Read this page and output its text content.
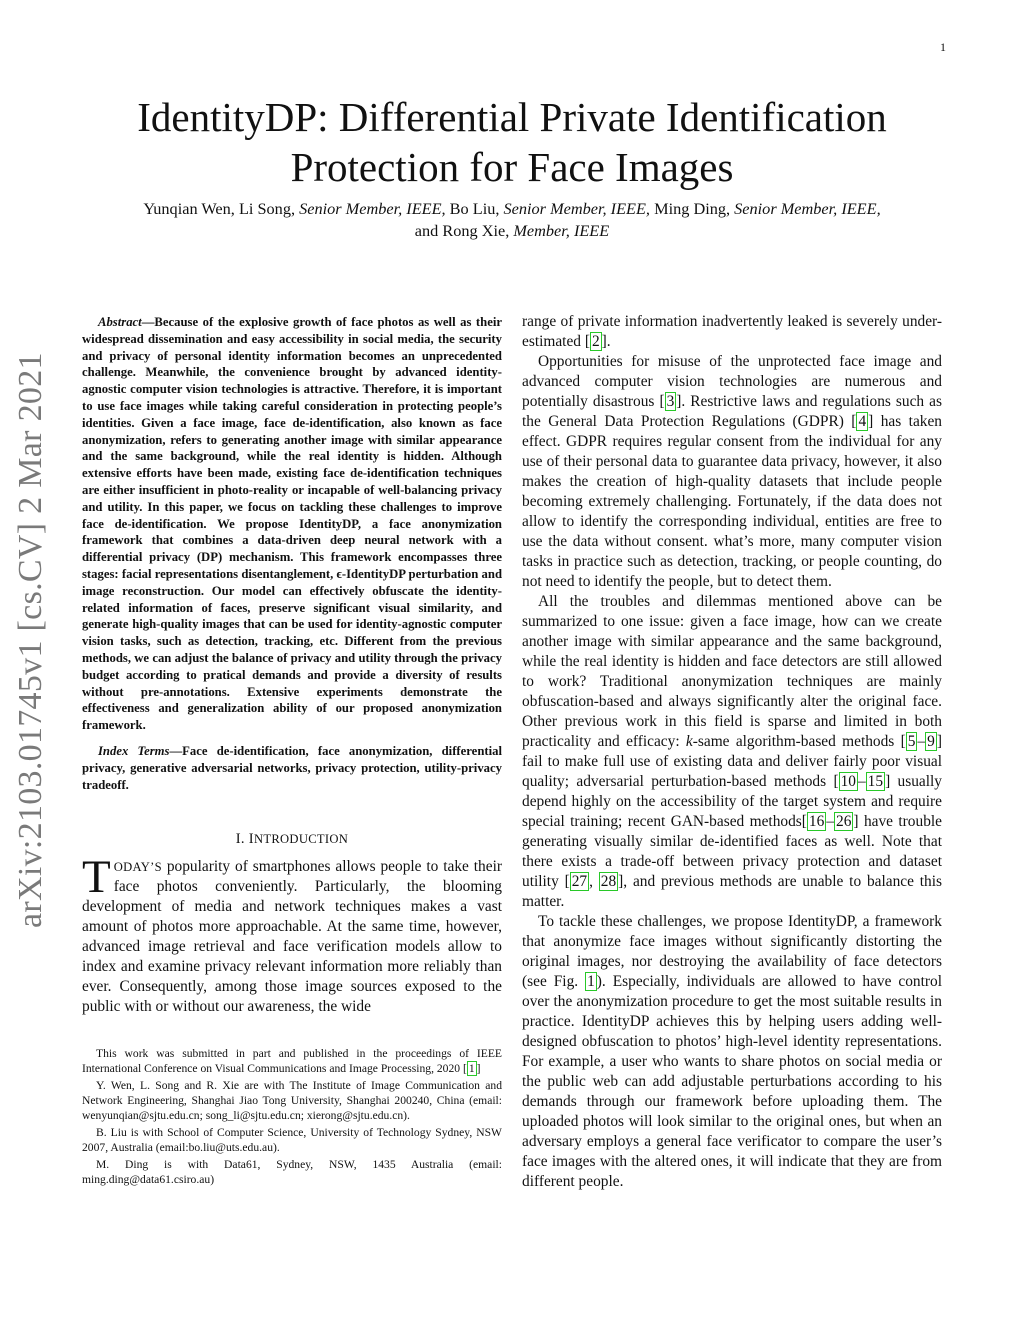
1
arXiv:2103.01745v1 [cs.CV] 2 Mar 2021
IdentityDP: Differential Private Identification
Protection for Face Images
Yunqian Wen, Li Song, Senior Member, IEEE, Bo Liu, Senior Member, IEEE, Ming Ding, Senior Member, IEEE,
and Rong Xie, Member, IEEE

Abstract—Because of the explosive growth of face photos as well as their widespread dissemination and easy accessibility in social media, the security and privacy of personal identity information becomes an unprecedented challenge. Meanwhile, the convenience brought by advanced identity-agnostic computer vision technologies is attractive. Therefore, it is important to use face images while taking careful consideration in protecting people’s identities. Given a face image, face de-identification, also known as face anonymization, refers to generating another image with similar appearance and the same background, while the real identity is hidden. Although extensive efforts have been made, existing face de-identification techniques are either insufficient in photo-reality or incapable of well-balancing privacy and utility. In this paper, we focus on tackling these challenges to improve face de-identification. We propose IdentityDP, a face anonymization framework that combines a data-driven deep neural network with a differential privacy (DP) mechanism. This framework encompasses three stages: facial representations disentanglement, ϵ-IdentityDP perturbation and image reconstruction. Our model can effectively obfuscate the identity-related information of faces, preserve significant visual similarity, and generate high-quality images that can be used for identity-agnostic computer vision tasks, such as detection, tracking, etc. Different from the previous methods, we can adjust the balance of privacy and utility through the privacy budget according to pratical demands and provide a diversity of results without pre-annotations. Extensive experiments demonstrate the effectiveness and generalization ability of our proposed anonymization framework.

Index Terms—Face de-identification, face anonymization, differential privacy, generative adversarial networks, privacy protection, utility-privacy tradeoff.

I. INTRODUCTION

TODAY’S popularity of smartphones allows people to take their face photos conveniently. Particularly, the blooming development of media and network techniques makes a vast amount of photos more approachable. At the same time, however, advanced image retrieval and face verification models allow to index and examine privacy relevant information more reliably than ever. Consequently, among those image sources exposed to the public with or without our awareness, the wide

This work was submitted in part and published in the proceedings of IEEE International Conference on Visual Communications and Image Processing, 2020 [ 1 ]

Y. Wen, L. Song and R. Xie are with The Institute of Image Communication and Network Engineering, Shanghai Jiao Tong University, Shanghai 200240, China (email: wenyunqian@sjtu.edu.cn; song_li@sjtu.edu.cn; xierong@sjtu.edu.cn).

B. Liu is with School of Computer Science, University of Technology Sydney, NSW 2007, Australia (email:bo.liu@uts.edu.au).

M. Ding is with Data61, Sydney, NSW, 1435 Australia (email: ming.ding@data61.csiro.au)

range of private information inadvertently leaked is severely under-estimated [ 2 ].

Opportunities for misuse of the unprotected face image and advanced computer vision technologies are numerous and potentially disastrous [ 3 ]. Restrictive laws and regulations such as the General Data Protection Regulations (GDPR) [ 4 ] has taken effect. GDPR requires regular consent from the individual for any use of their personal data to guarantee data privacy, however, it also makes the creation of high-quality datasets that include people becoming extremely challenging. Fortunately, if the data does not allow to identify the corresponding individual, entities are free to use the data without consent. what’s more, many computer vision tasks in practice such as detection, tracking, or people counting, do not need to identify the people, but to detect them.

All the troubles and dilemmas mentioned above can be summarized to one issue: given a face image, how can we create another image with similar appearance and the same background, while the real identity is hidden and face detectors are still allowed to work? Traditional anonymization techniques are mainly obfuscation-based and always significantly alter the original face. Other previous work in this field is sparse and limited in both practicality and efficacy: k-same algorithm-based methods [ 5 – 9 ] fail to make full use of existing data and deliver fairly poor visual quality; adversarial perturbation-based methods [ 10 – 15 ] usually depend highly on the accessibility of the target system and require special training; recent GAN-based methods[ 16 – 26 ] have trouble generating visually similar de-identified faces as well. Note that there exists a trade-off between privacy protection and dataset utility [ 27 , 28 ], and previous methods are unable to balance this matter.

To tackle these challenges, we propose IdentityDP, a framework that anonymize face images without significantly distorting the original images, nor destroying the availability of face detectors (see Fig. 1 ). Especially, individuals are allowed to have control over the anonymization procedure to get the most suitable results in practice. IdentityDP achieves this by helping users adding well-designed obfuscation to photos’ high-level identity representations. For example, a user who wants to share photos on social media or the public web can add adjustable perturbations according to his demands through our framework before uploading them. The uploaded photos will look similar to the original ones, but when an adversary employs a general face verificator to compare the user’s face images with the altered ones, it will indicate that they are from different people.
